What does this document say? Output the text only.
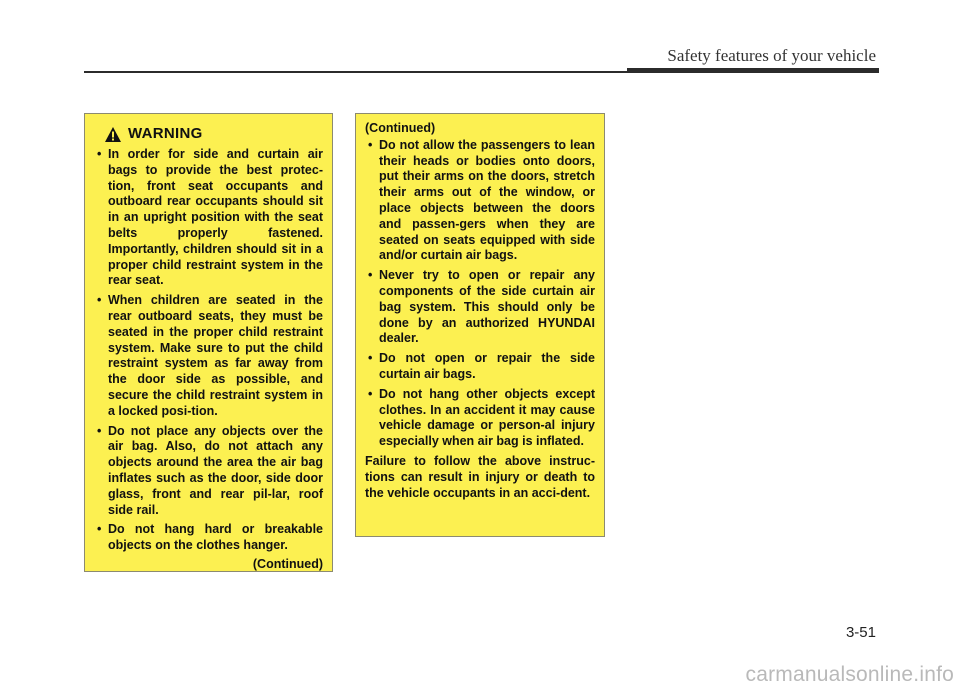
Safety features of your vehicle
WARNING
• In order for side and curtain air bags to provide the best protec-tion, front seat occupants and outboard rear occupants should sit in an upright position with the seat belts properly fastened. Importantly, children should sit in a proper child restraint system in the rear seat.
• When children are seated in the rear outboard seats, they must be seated in the proper child restraint system. Make sure to put the child restraint system as far away from the door side as possible, and secure the child restraint system in a locked posi-tion.
• Do not place any objects over the air bag. Also, do not attach any objects around the area the air bag inflates such as the door, side door glass, front and rear pil-lar, roof side rail.
• Do not hang hard or breakable objects on the clothes hanger.
(Continued)
(Continued)
• Do not allow the passengers to lean their heads or bodies onto doors, put their arms on the doors, stretch their arms out of the window, or place objects between the doors and passen-gers when they are seated on seats equipped with side and/or curtain air bags.
• Never try to open or repair any components of the side curtain air bag system. This should only be done by an authorized HYUNDAI dealer.
• Do not open or repair the side curtain air bags.
• Do not hang other objects except clothes. In an accident it may cause vehicle damage or person-al injury especially when air bag is inflated.
Failure to follow the above instruc-tions can result in injury or death to the vehicle occupants in an acci-dent.
3-51
carmanualsonline.info
